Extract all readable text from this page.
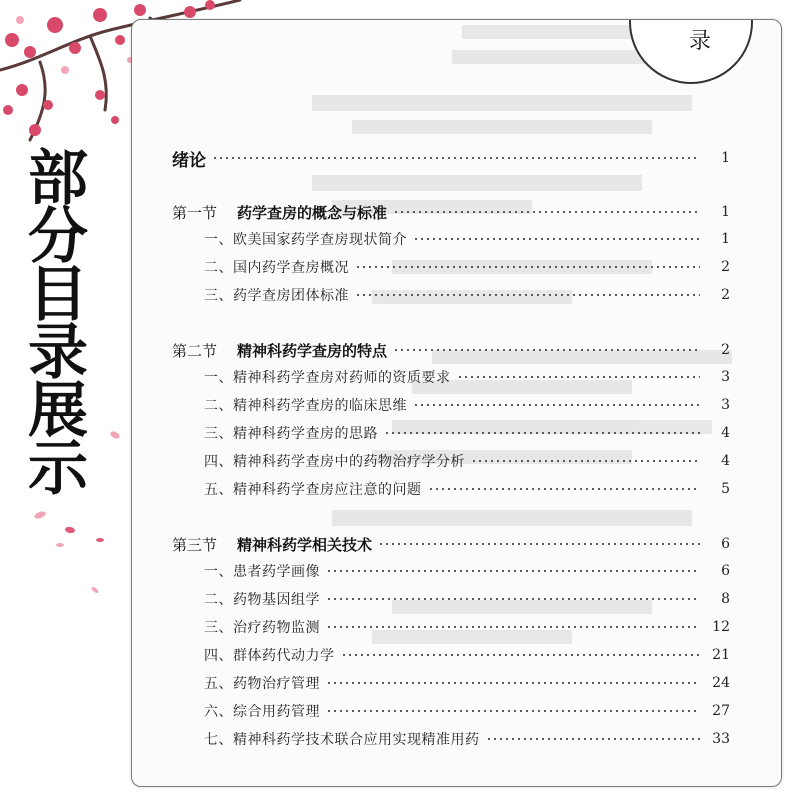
部
分
目
录
展
示
录
绪论	1
第一节 药学查房的概念与标准	1
一、欧美国家药学查房现状简介	1
二、国内药学查房概况	2
三、药学查房团体标准	2
第二节 精神科药学查房的特点	2
一、精神科药学查房对药师的资质要求	3
二、精神科药学查房的临床思维	3
三、精神科药学查房的思路	4
四、精神科药学查房中的药物治疗学分析	4
五、精神科药学查房应注意的问题	5
第三节 精神科药学相关技术	6
一、患者药学画像	6
二、药物基因组学	8
三、治疗药物监测	12
四、群体药代动力学	21
五、药物治疗管理	24
六、综合用药管理	27
七、精神科药学技术联合应用实现精准用药	33
